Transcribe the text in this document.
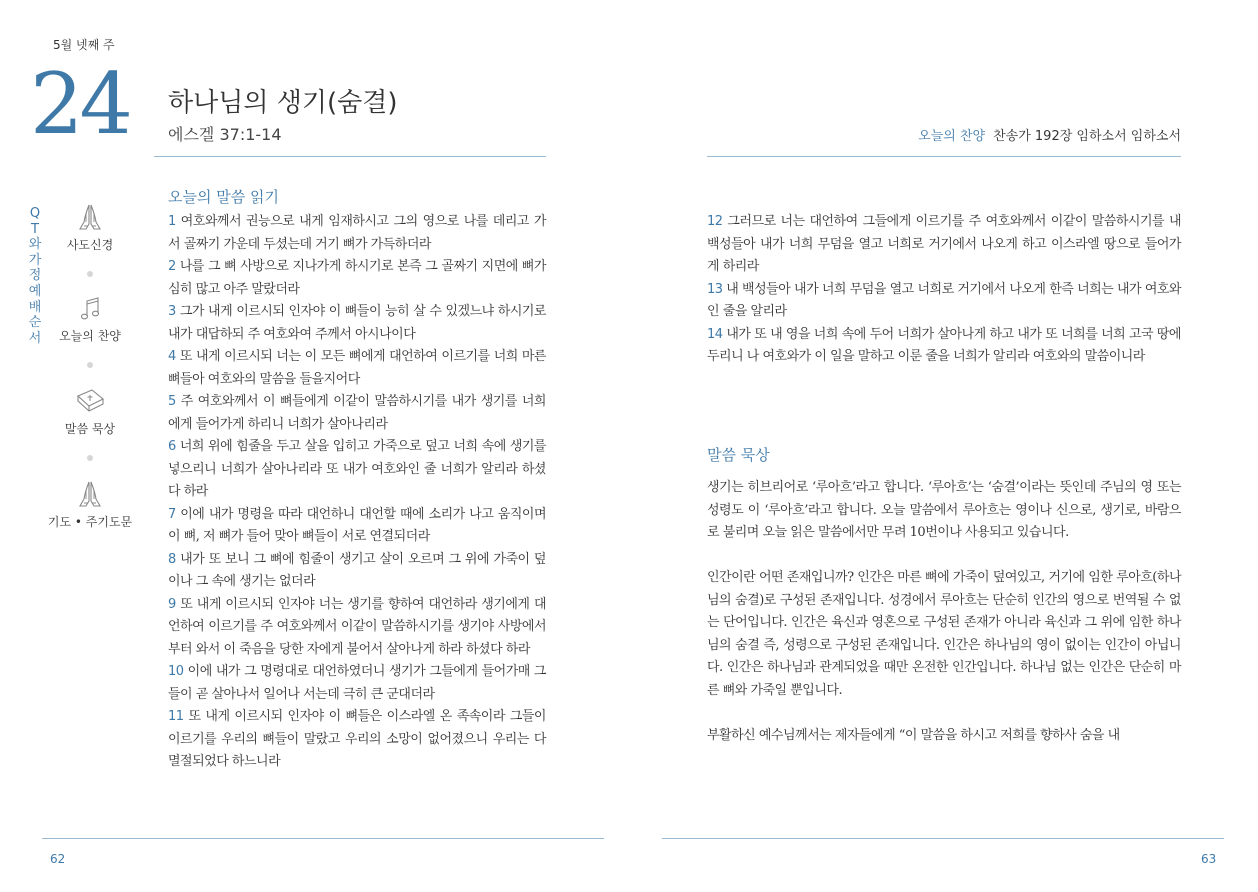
5월 넷째 주
24 하나님의 생기(숨결)
에스겔 37:1-14	오늘의 찬양 찬송가 192장 임하소서 임하소서
QT와 가정예배 순서
사도신경
오늘의 찬양
말씀 묵상
기도 • 주기도문
오늘의 말씀 읽기

1 여호와께서 권능으로 내게 임재하시고 그의 영으로 나를 데리고 가서 골짜기 가운데 두셨는데 거기 뼈가 가득하더라

2 나를 그 뼈 사방으로 지나가게 하시기로 본즉 그 골짜기 지면에 뼈가 심히 많고 아주 말랐더라

3 그가 내게 이르시되 인자야 이 뼈들이 능히 살 수 있겠느냐 하시기로 내가 대답하되 주 여호와여 주께서 아시나이다

4 또 내게 이르시되 너는 이 모든 뼈에게 대언하여 이르기를 너희 마른 뼈들아 여호와의 말씀을 들을지어다

5 주 여호와께서 이 뼈들에게 이같이 말씀하시기를 내가 생기를 너희에게 들어가게 하리니 너희가 살아나리라

6 너희 위에 힘줄을 두고 살을 입히고 가죽으로 덮고 너희 속에 생기를 넣으리니 너희가 살아나리라 또 내가 여호와인 줄 너희가 알리라 하셨다 하라

7 이에 내가 명령을 따라 대언하니 대언할 때에 소리가 나고 움직이며 이 뼈, 저 뼈가 들어 맞아 뼈들이 서로 연결되더라

8 내가 또 보니 그 뼈에 힘줄이 생기고 살이 오르며 그 위에 가죽이 덮이나 그 속에 생기는 없더라

9 또 내게 이르시되 인자야 너는 생기를 향하여 대언하라 생기에게 대언하여 이르기를 주 여호와께서 이같이 말씀하시기를 생기야 사방에서부터 와서 이 죽음을 당한 자에게 불어서 살아나게 하라 하셨다 하라

10 이에 내가 그 명령대로 대언하였더니 생기가 그들에게 들어가매 그들이 곧 살아나서 일어나 서는데 극히 큰 군대더라

11 또 내게 이르시되 인자야 이 뼈들은 이스라엘 온 족속이라 그들이 이르기를 우리의 뼈들이 말랐고 우리의 소망이 없어졌으니 우리는 다 멸절되었다 하느니라

12 그러므로 너는 대언하여 그들에게 이르기를 주 여호와께서 이같이 말씀하시기를 내 백성들아 내가 너희 무덤을 열고 너희로 거기에서 나오게 하고 이스라엘 땅으로 들어가게 하리라

13 내 백성들아 내가 너희 무덤을 열고 너희로 거기에서 나오게 한즉 너희는 내가 여호와인 줄을 알리라

14 내가 또 내 영을 너희 속에 두어 너희가 살아나게 하고 내가 또 너희를 너희 고국 땅에 두리니 나 여호와가 이 일을 말하고 이룬 줄을 너희가 알리라 여호와의 말씀이니라

말씀 묵상

생기는 히브리어로 ‘루아흐’라고 합니다. ‘루아흐’는 ‘숨결’이라는 뜻인데 주님의 영 또는 성령도 이 ‘루아흐’라고 합니다. 오늘 말씀에서 루아흐는 영이나 신으로, 생기로, 바람으로 불리며 오늘 읽은 말씀에서만 무려 10번이나 사용되고 있습니다.

인간이란 어떤 존재입니까? 인간은 마른 뼈에 가죽이 덮여있고, 거기에 임한 루아흐(하나님의 숨결)로 구성된 존재입니다. 성경에서 루아흐는 단순히 인간의 영으로 번역될 수 없는 단어입니다. 인간은 육신과 영혼으로 구성된 존재가 아니라 육신과 그 위에 임한 하나님의 숨결 즉, 성령으로 구성된 존재입니다. 인간은 하나님의 영이 없이는 인간이 아닙니다. 인간은 하나님과 관계되었을 때만 온전한 인간입니다. 하나님 없는 인간은 단순히 마른 뼈와 가죽일 뿐입니다.

부활하신 예수님께서는 제자들에게 “이 말씀을 하시고 저희를 향하사 숨을 내

62	63
